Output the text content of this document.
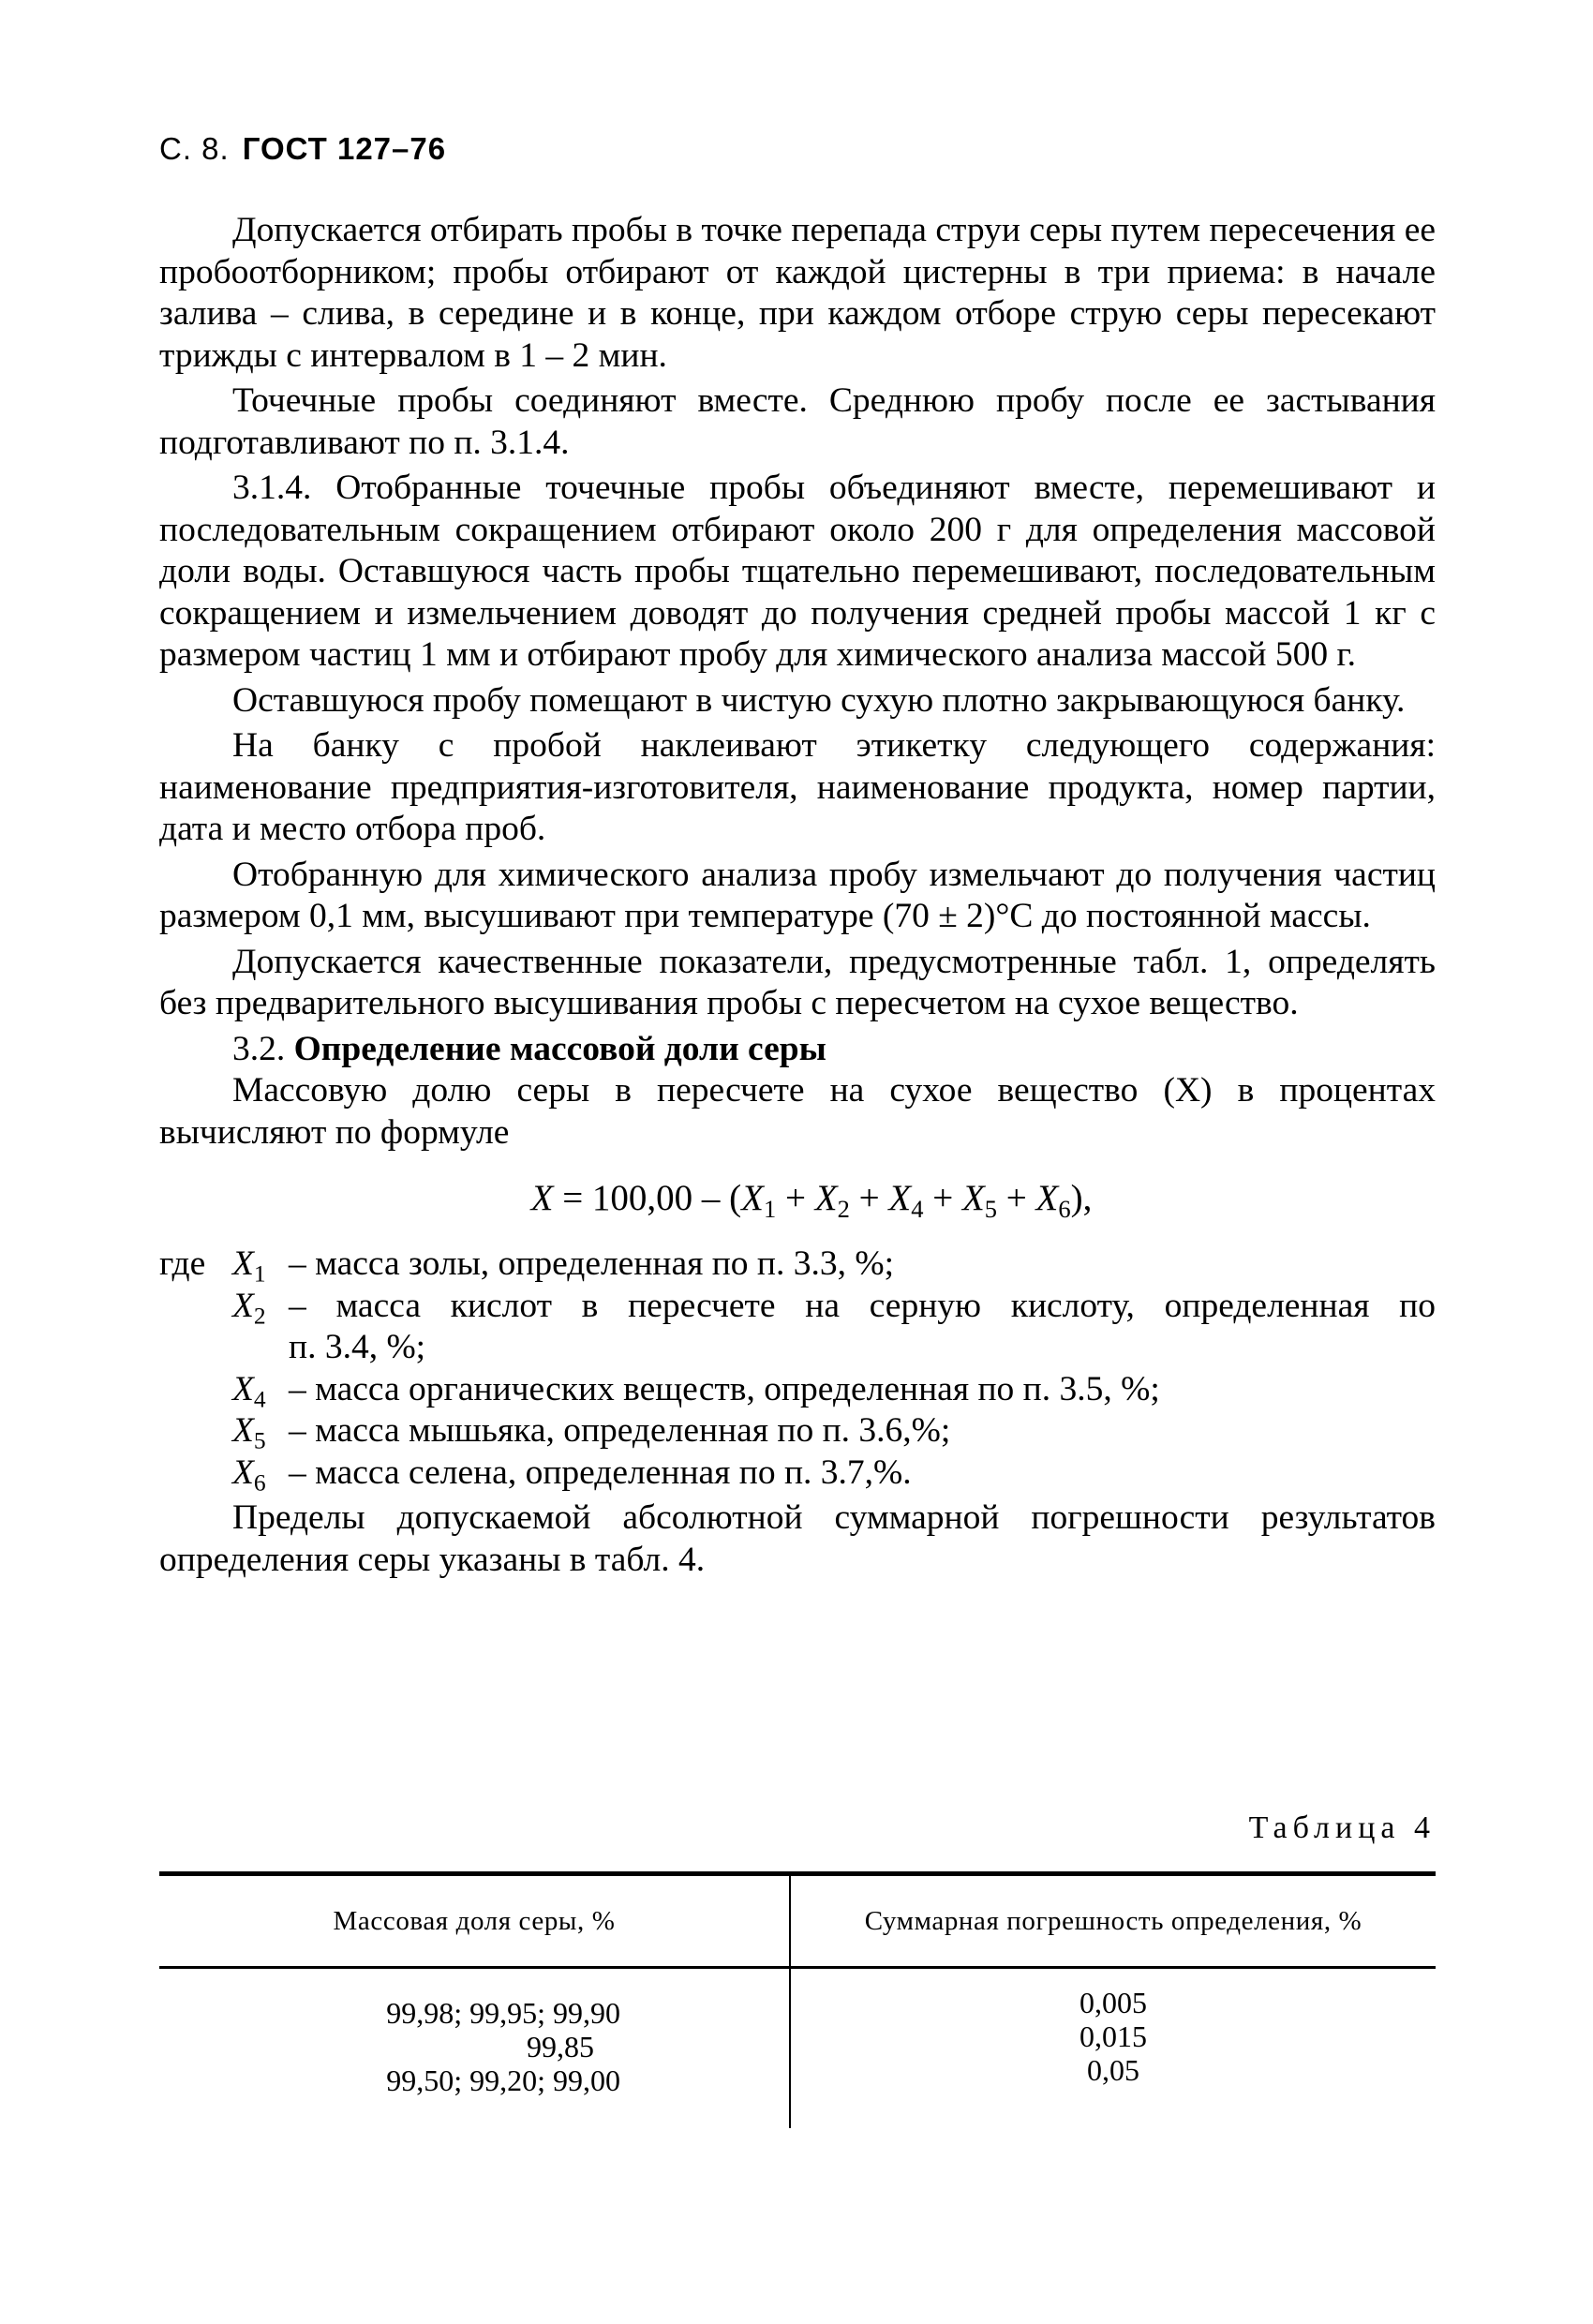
С. 8. ГОСТ 127–76

Допускается отбирать пробы в точке перепада струи серы путем пересечения ее пробоотборником; пробы отбирают от каждой цистерны в три приема: в начале залива – слива, в середине и в конце, при каждом отборе струю серы пересекают трижды с интервалом в 1 – 2 мин.

Точечные пробы соединяют вместе. Среднюю пробу после ее застывания подготавливают по п. 3.1.4.

3.1.4. Отобранные точечные пробы объединяют вместе, перемешивают и последовательным сокращением отбирают около 200 г для определения массовой доли воды. Оставшуюся часть пробы тщательно перемешивают, последовательным сокращением и измельчением доводят до получения средней пробы массой 1 кг с размером частиц 1 мм и отбирают пробу для химического анализа массой 500 г.

Оставшуюся пробу помещают в чистую сухую плотно закрывающуюся банку.

На банку с пробой наклеивают этикетку следующего содержания: наименование предприятия-изготовителя, наименование продукта, номер партии, дата и место отбора проб.

Отобранную для химического анализа пробу измельчают до получения частиц размером 0,1 мм, высушивают при температуре (70 ± 2)°С до постоянной массы.

Допускается качественные показатели, предусмотренные табл. 1, определять без предварительного высушивания пробы с пересчетом на сухое вещество.

3.2. Определение массовой доли серы

Массовую долю серы в пересчете на сухое вещество (X) в процентах вычисляют по формуле

$X = 100,00 - (X_1 + X_2 + X_4 + X_5 + X_6)$,
где $X_1$ – масса золы, определенная по п. 3.3, %;
$X_2$ – масса кислот в пересчете на серную кислоту, определенная по
п. 3.4, %;
$X_4$ – масса органических веществ, определенная по п. 3.5, %;
$X_5$ – масса мышьяка, определенная по п. 3.6,%;
$X_6$ – масса селена, определенная по п. 3.7,%.

Пределы допускаемой абсолютной суммарной погрешности результатов определения серы указаны в табл. 4.

Таблица 4
Массовая доля серы, %	Суммарная погрешность определения, %
99,98; 99,95; 99,90
99,85
99,50; 99,20; 99,00
0,005
0,015
0,05
